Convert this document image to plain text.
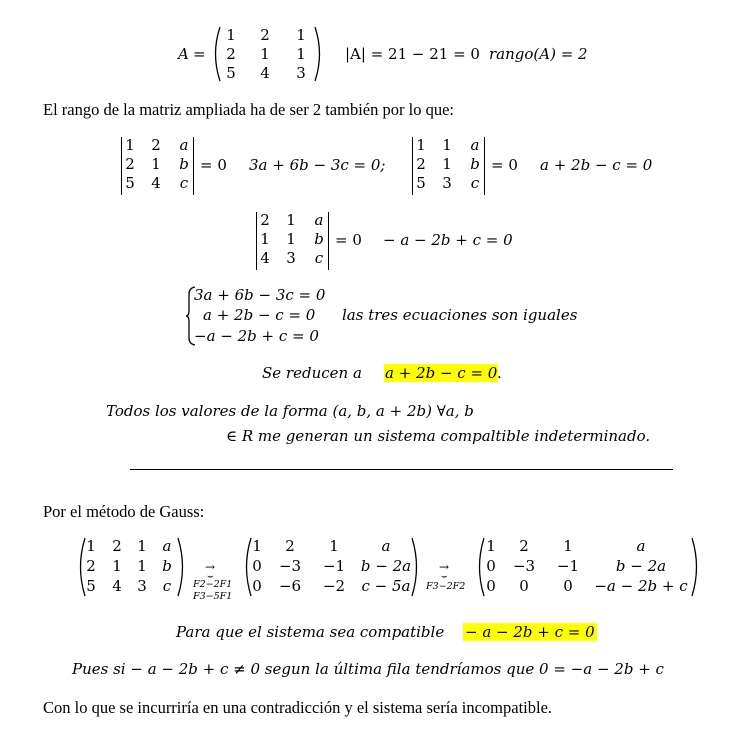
A =
1 2 1
2 1 1
5 4 3
|A| = 21 − 21 = 0 rango(A) = 2
El rango de la matriz ampliada ha de ser 2 también por lo que:
1 2 a
2 1 b
5 4 c
= 0 3a + 6b − 3c = 0;
1 1 a
2 1 b
5 3 c
= 0 a + 2b − c = 0
2 1 a
1 1 b
4 3 c
= 0 − a − 2b + c = 0
3a + 6b − 3c = 0
a + 2b − c = 0
−a − 2b + c = 0
las tres ecuaciones son iguales
Se reducen a a + 2b − c = 0 .
Todos los valores de la forma (a, b, a + 2b) ∀a, b
∈ R me generan un sistema compaltible indeterminado.
Por el método de Gauss:
1 2 1 a
2 1 1 b
5 4 3 c
→
⌣
F2−2F1
F3−5F1
1	2	1	a
0 −3 −1	b − 2a
0 −6 −2	c − 5a
→
⌣
F3−2F2
1	2	1	a
0 −3 −1	b − 2a
0	0	0	−a − 2b + c
Para que el sistema sea compatible − a − 2b + c = 0
Pues si − a − 2b + c ≠ 0 segun la última fila tendríamos que 0 = −a − 2b + c
Con lo que se incurriría en una contradicción y el sistema sería incompatible.
